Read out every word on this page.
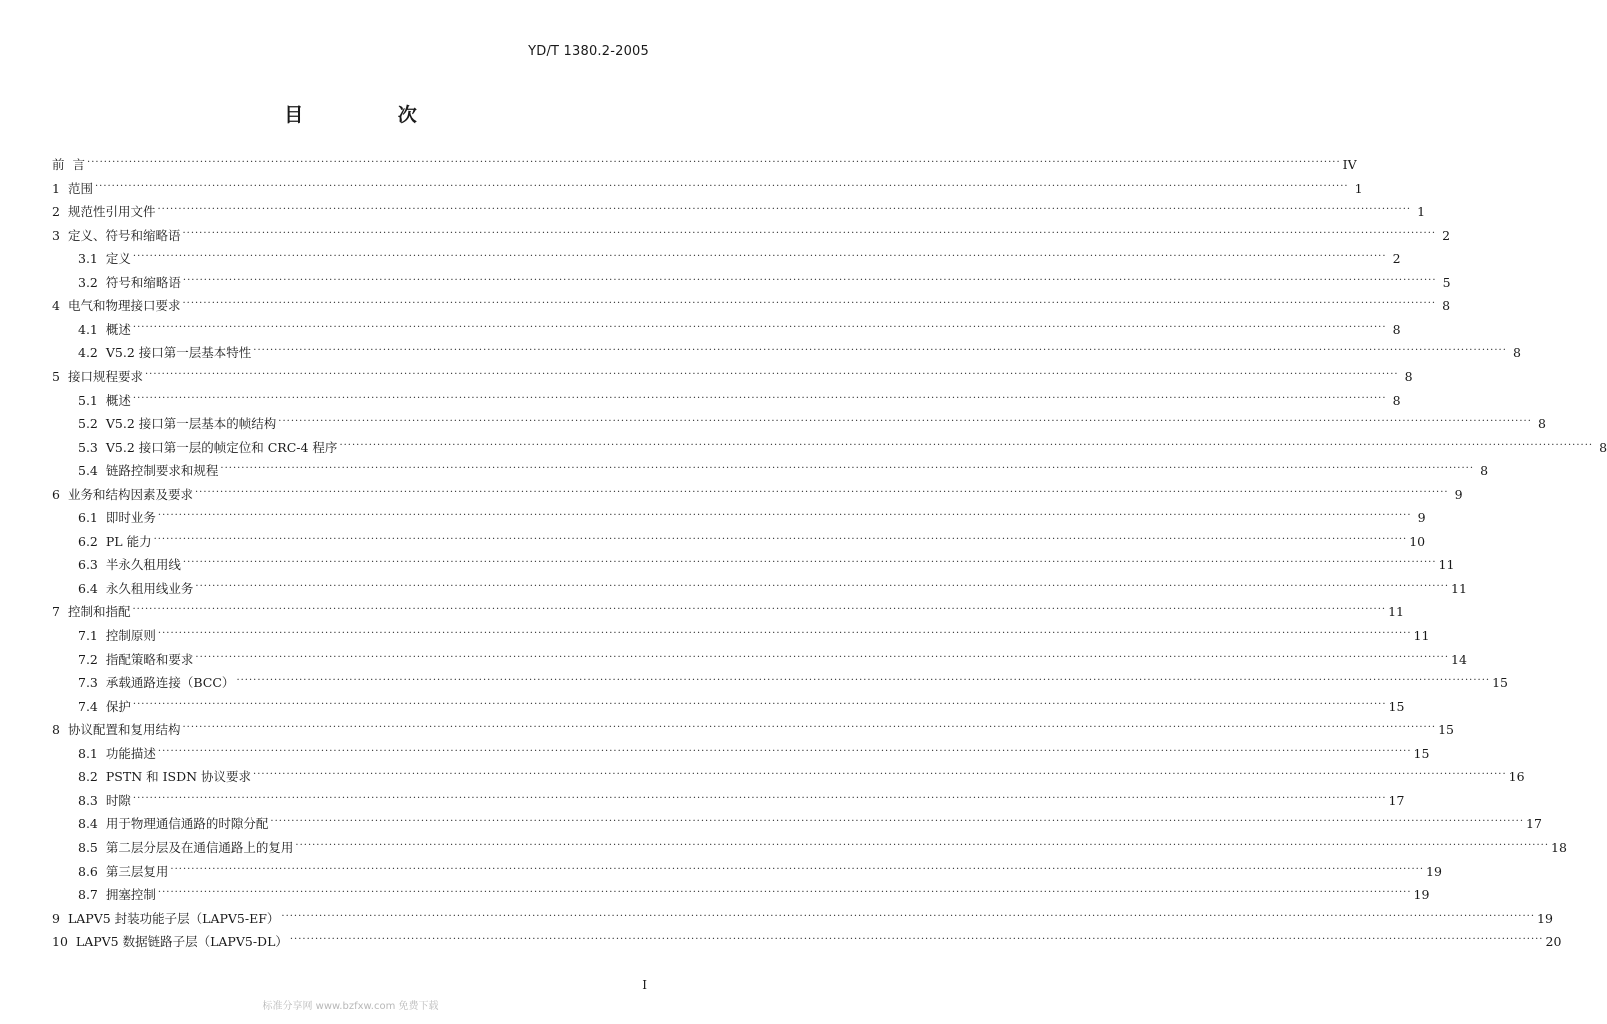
YD/T 1380.2-2005
目 次
前 言 ············································································································································································································································································································ IV
1 范围 ············································································································································································································································································································ 1
2 规范性引用文件 ············································································································································································································································································································ 1
3 定义、符号和缩略语 ············································································································································································································································································································ 2
3.1 定义 ············································································································································································································································································································ 2
3.2 符号和缩略语 ············································································································································································································································································································ 5
4 电气和物理接口要求 ············································································································································································································································································································ 8
4.1 概述 ············································································································································································································································································································ 8
4.2 V5.2 接口第一层基本特性 ············································································································································································································································································································ 8
5 接口规程要求 ············································································································································································································································································································ 8
5.1 概述 ············································································································································································································································································································ 8
5.2 V5.2 接口第一层基本的帧结构 ············································································································································································································································································································ 8
5.3 V5.2 接口第一层的帧定位和 CRC-4 程序 ············································································································································································································································································································ 8
5.4 链路控制要求和规程 ············································································································································································································································································································ 8
6 业务和结构因素及要求 ············································································································································································································································································································ 9
6.1 即时业务 ············································································································································································································································································································ 9
6.2 PL 能力 ············································································································································································································································································································ 10
6.3 半永久租用线 ············································································································································································································································································································ 11
6.4 永久租用线业务 ············································································································································································································································································································ 11
7 控制和指配 ············································································································································································································································································································ 11
7.1 控制原则 ············································································································································································································································································································ 11
7.2 指配策略和要求 ············································································································································································································································································································ 14
7.3 承载通路连接（BCC） ············································································································································································································································································································ 15
7.4 保护 ············································································································································································································································································································ 15
8 协议配置和复用结构 ············································································································································································································································································································ 15
8.1 功能描述 ············································································································································································································································································································ 15
8.2 PSTN 和 ISDN 协议要求 ············································································································································································································································································································ 16
8.3 时隙 ············································································································································································································································································································ 17
8.4 用于物理通信通路的时隙分配 ············································································································································································································································································································ 17
8.5 第二层分层及在通信通路上的复用 ············································································································································································································································································································ 18
8.6 第三层复用 ············································································································································································································································································································ 19
8.7 拥塞控制 ············································································································································································································································································································ 19
9 LAPV5 封装功能子层（LAPV5-EF） ············································································································································································································································································································ 19
10 LAPV5 数据链路子层（LAPV5-DL） ············································································································································································································································································································ 20
I
标准分享网 www.bzfxw.com 免费下载
